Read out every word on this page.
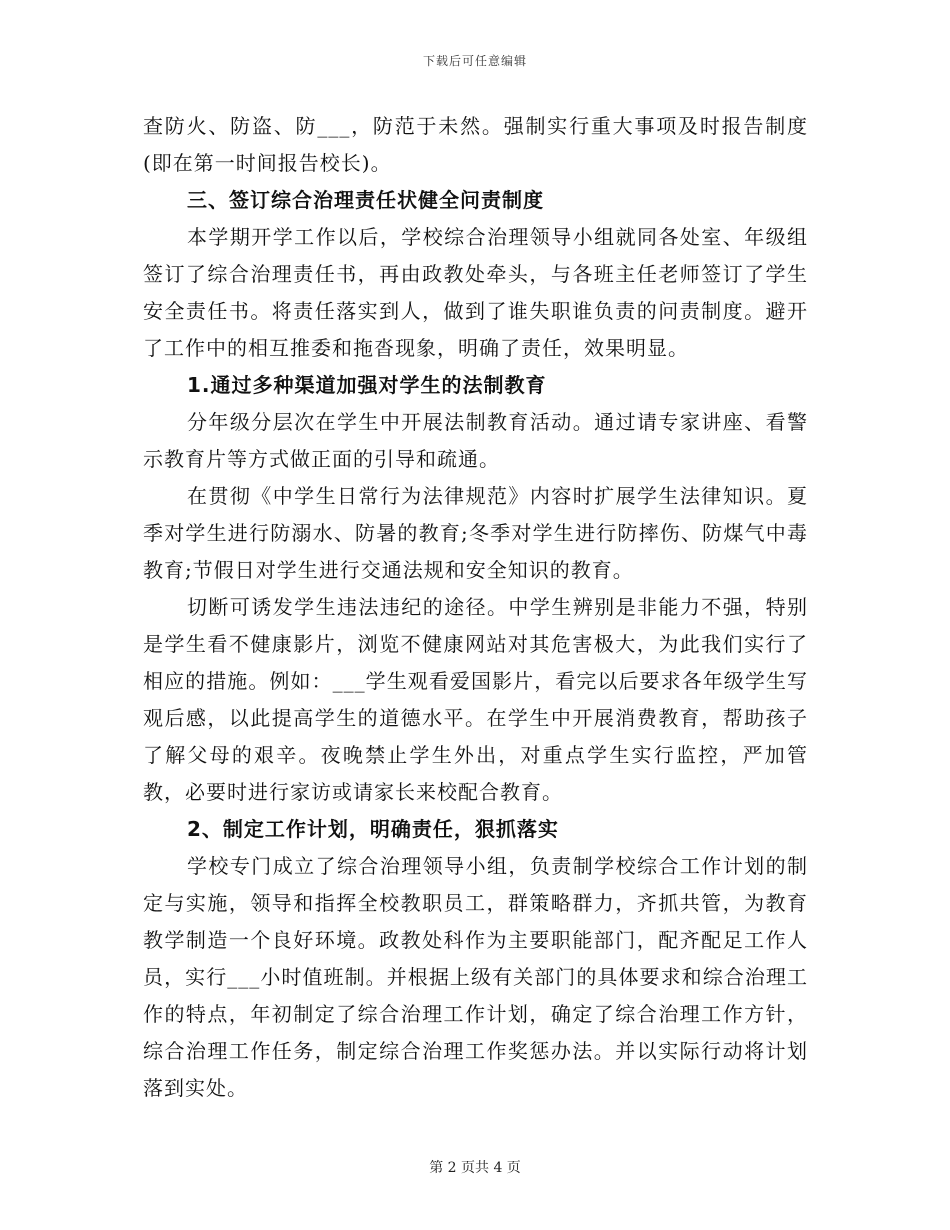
下载后可任意编辑

查防火、防盗、防___，防范于未然。强制实行重大事项及时报告制度(即在第一时间报告校长)。

三、签订综合治理责任状健全问责制度

本学期开学工作以后，学校综合治理领导小组就同各处室、年级组签订了综合治理责任书，再由政教处牵头，与各班主任老师签订了学生安全责任书。将责任落实到人，做到了谁失职谁负责的问责制度。避开了工作中的相互推委和拖沓现象，明确了责任，效果明显。

1.通过多种渠道加强对学生的法制教育

分年级分层次在学生中开展法制教育活动。通过请专家讲座、看警示教育片等方式做正面的引导和疏通。

在贯彻《中学生日常行为法律规范》内容时扩展学生法律知识。夏季对学生进行防溺水、防暑的教育;冬季对学生进行防摔伤、防煤气中毒教育;节假日对学生进行交通法规和安全知识的教育。

切断可诱发学生违法违纪的途径。中学生辨别是非能力不强，特别是学生看不健康影片，浏览不健康网站对其危害极大，为此我们实行了相应的措施。例如：___学生观看爱国影片，看完以后要求各年级学生写观后感，以此提高学生的道德水平。在学生中开展消费教育，帮助孩子了解父母的艰辛。夜晚禁止学生外出，对重点学生实行监控，严加管教，必要时进行家访或请家长来校配合教育。

2、制定工作计划，明确责任，狠抓落实

学校专门成立了综合治理领导小组，负责制学校综合工作计划的制定与实施，领导和指挥全校教职员工，群策略群力，齐抓共管，为教育教学制造一个良好环境。政教处科作为主要职能部门，配齐配足工作人员，实行___小时值班制。并根据上级有关部门的具体要求和综合治理工作的特点，年初制定了综合治理工作计划，确定了综合治理工作方针，综合治理工作任务，制定综合治理工作奖惩办法。并以实际行动将计划落到实处。

第 2 页共 4 页
